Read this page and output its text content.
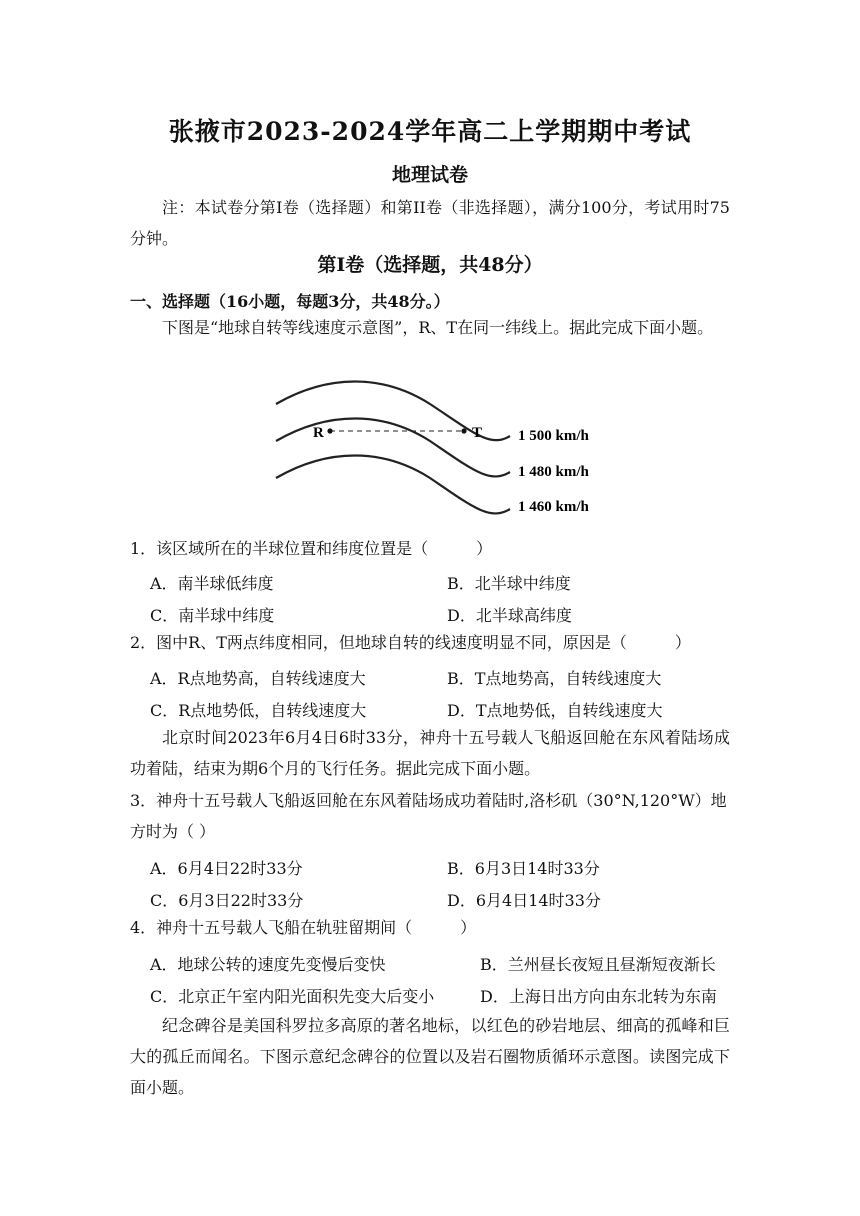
张掖市2023-2024学年高二上学期期中考试
地理试卷
注：本试卷分第I卷（选择题）和第II卷（非选择题），满分100分，考试用时75分钟。
第I卷（选择题，共48分）
一、选择题（16小题，每题3分，共48分。）
下图是“地球自转等线速度示意图”，R、T在同一纬线上。据此完成下面小题。
R	T 1 500 km/h
1 480 km/h
1 460 km/h
1．该区域所在的半球位置和纬度位置是（　　　）
A．南半球低纬度	B．北半球中纬度
C．南半球中纬度	D．北半球高纬度
2．图中R、T两点纬度相同，但地球自转的线速度明显不同，原因是（　　　）
A．R点地势高，自转线速度大	B．T点地势高，自转线速度大
C．R点地势低，自转线速度大	D．T点地势低，自转线速度大
北京时间2023年6月4日6时33分，神舟十五号载人飞船返回舱在东风着陆场成功着陆，结束为期6个月的飞行任务。据此完成下面小题。
3．神舟十五号载人飞船返回舱在东风着陆场成功着陆时,洛杉矶（30°N,120°W）地方时为（ ）
A．6月4日22时33分	B．6月3日14时33分
C．6月3日22时33分	D．6月4日14时33分
4．神舟十五号载人飞船在轨驻留期间（　　　）
A．地球公转的速度先变慢后变快	B．兰州昼长夜短且昼渐短夜渐长
C．北京正午室内阳光面积先变大后变小	D．上海日出方向由东北转为东南
纪念碑谷是美国科罗拉多高原的著名地标，以红色的砂岩地层、细高的孤峰和巨大的孤丘而闻名。下图示意纪念碑谷的位置以及岩石圈物质循环示意图。读图完成下面小题。
